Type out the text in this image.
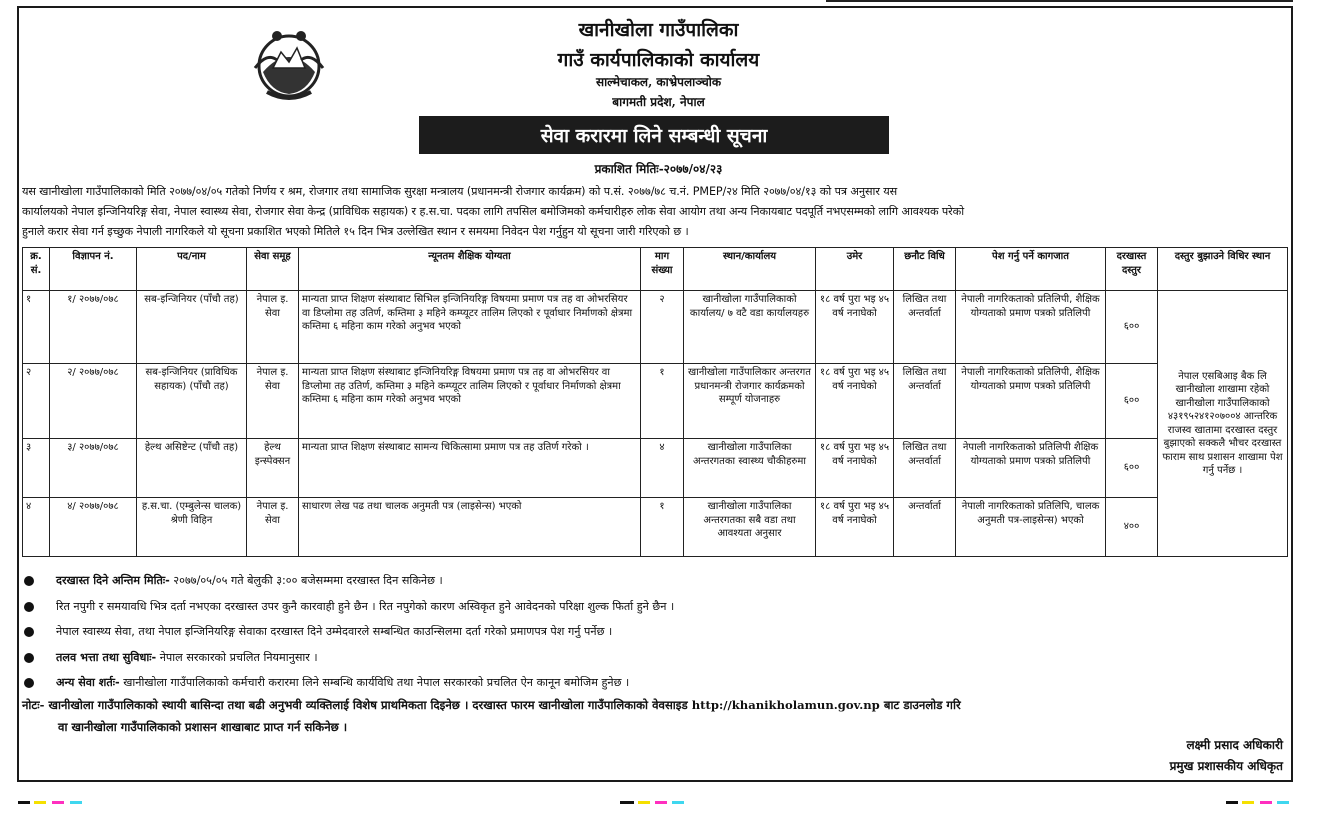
खानीखोला गाउँपालिका
गाउँ कार्यपालिकाको कार्यालय
साल्मेचाकल, काभ्रेपलाञ्चोक
बागमती प्रदेश, नेपाल
सेवा करारमा लिने सम्बन्धी सूचना
प्रकाशित मितिः-२०७७/०४/२३
यस खानीखोला गाउँपालिकाको मिति २०७७/०४/०५ गतेको निर्णय र श्रम, रोजगार तथा सामाजिक सुरक्षा मन्त्रालय (प्रधानमन्त्री रोजगार कार्यक्रम) को प.सं. २०७७/७८ च.नं. PMEP/२४ मिति २०७७/०४/१३ को पत्र अनुसार यस
कार्यालयको नेपाल इन्जिनियरिङ्ग सेवा, नेपाल स्वास्थ्य सेवा, रोजगार सेवा केन्द्र (प्राविधिक सहायक) र ह.स.चा. पदका लागि तपसिल बमोजिमको कर्मचारीहरु लोक सेवा आयोग तथा अन्य निकायबाट पदपूर्ति नभएसम्मको लागि आवश्यक परेको
हुनाले करार सेवा गर्न इच्छुक नेपाली नागरिकले यो सूचना प्रकाशित भएको मितिले १५ दिन भित्र उल्लेखित स्थान र समयमा निवेदन पेश गर्नुहुन यो सूचना जारी गरिएको छ ।
क्र. सं.	विज्ञापन नं.	पद/नाम	सेवा समूह	न्यूनतम शैक्षिक योग्यता	माग संख्या	स्थान/कार्यालय	उमेर	छनौट विधि	पेश गर्नु पर्ने कागजात	दरखास्त दस्तुर	दस्तुर बुझाउने विधिर स्थान
१	१/ २०७७/०७८	सब-इन्जिनियर (पाँचौ तह)	नेपाल इ. सेवा	मान्यता प्राप्त शिक्षण संस्थाबाट सिभिल इन्जिनियरिङ्ग विषयमा प्रमाण पत्र तह वा ओभरसियर वा डिप्लोमा तह उतिर्ण, कम्तिमा ३ महिने कम्प्यूटर तालिम लिएको र पूर्वाधार निर्माणको क्षेत्रमा कम्तिमा ६ महिना काम गरेको अनुभव भएको	२	खानीखोला गाउँपालिकाको कार्यालय/ ७ वटै वडा कार्यालयहरु	१८ वर्ष पुरा भइ ४५ वर्ष ननाघेको	लिखित तथा अन्तर्वार्ता	नेपाली नागरिकताको प्रतिलिपी, शैक्षिक योग्यताको प्रमाण पत्रको प्रतिलिपी	६००	नेपाल एसबिआइ बैक लि खानीखोला शाखामा रहेको खानीखोला गाउँपालिकाको ४३१९५२४१२०७००४ आन्तरिक राजस्व खातामा दरखास्त दस्तुर बुझाएको सक्कलै भौचर दरखास्त फाराम साथ प्रशासन शाखामा पेश गर्नु पर्नेछ ।
२	२/ २०७७/०७८	सब-इन्जिनियर (प्राविधिक सहायक) (पाँचौ तह)	नेपाल इ. सेवा	मान्यता प्राप्त शिक्षण संस्थाबाट इन्जिनियरिङ्ग विषयमा प्रमाण पत्र तह वा ओभरसियर वा डिप्लोमा तह उतिर्ण, कम्तिमा ३ महिने कम्प्यूटर तालिम लिएको र पूर्वाधार निर्माणको क्षेत्रमा कम्तिमा ६ महिना काम गरेको अनुभव भएको	१	खानीखोला गाउँपालिकार अन्तरगत प्रधानमन्त्री रोजगार कार्यक्रमको सम्पूर्ण योजनाहरु	१८ वर्ष पुरा भइ ४५ वर्ष ननाघेको	लिखित तथा अन्तर्वार्ता	नेपाली नागरिकताको प्रतिलिपी, शैक्षिक योग्यताको प्रमाण पत्रको प्रतिलिपी	६००	
३	३/ २०७७/०७८	हेल्थ असिष्टेन्ट (पाँचौ तह)	हेल्थ इन्स्पेक्सन	मान्यता प्राप्त शिक्षण संस्थाबाट सामन्य चिकित्सामा प्रमाण पत्र तह उतिर्ण गरेको ।	४	खानीखोला गाउँपालिका अन्तरगतका स्वास्थ्य चौकीहरुमा	१८ वर्ष पुरा भइ ४५ वर्ष ननाघेको	लिखित तथा अन्तर्वार्ता	नेपाली नागरिकताको प्रतिलिपी शैक्षिक योग्यताको प्रमाण पत्रको प्रतिलिपी	६००	
४	४/ २०७७/०७८	ह.स.चा. (एम्बुलेन्स चालक) श्रेणी विहिन	नेपाल इ. सेवा	साधारण लेख पढ तथा चालक अनुमती पत्र (लाइसेन्स) भएको	१	खानीखोला गाउँपालिका अन्तरगतका सबै वडा तथा आवश्यता अनुसार	१८ वर्ष पुरा भइ ४५ वर्ष ननाघेको	अन्तर्वार्ता	नेपाली नागरिकताको प्रतिलिपि, चालक अनुमती पत्र-लाइसेन्स) भएको	४००	
दरखास्त दिने अन्तिम मितिः- २०७७/०५/०५ गते बेलुकी ३:०० बजेसम्ममा दरखास्त दिन सकिनेछ ।
रित नपुगी र समयावधि भित्र दर्ता नभएका दरखास्त उपर कुनै कारवाही हुने छैन । रित नपुगेको कारण अस्विकृत हुने आवेदनको परिक्षा शुल्क फिर्ता हुने छैन ।
नेपाल स्वास्थ्य सेवा, तथा नेपाल इन्जिनियरिङ्ग सेवाका दरखास्त दिने उम्मेदवारले सम्बन्धित काउन्सिलमा दर्ता गरेको प्रमाणपत्र पेश गर्नु पर्नेछ ।
तलव भत्ता तथा सुविधाः- नेपाल सरकारको प्रचलित नियमानुसार ।
अन्य सेवा शर्तः- खानीखोला गाउँपालिकाको कर्मचारी करारमा लिने सम्बन्धि कार्यविधि तथा नेपाल सरकारको प्रचलित ऐन कानून बमोजिम हुनेछ ।
नोटः- खानीखोला गाउँपालिकाको स्थायी बासिन्दा तथा बढी अनुभवी व्यक्तिलाई विशेष प्राथमिकता दिइनेछ । दरखास्त फारम खानीखोला गाउँपालिकाको वेवसाइड http://khanikholamun.gov.np बाट डाउनलोड गरि
वा खानीखोला गाउँपालिकाको प्रशासन शाखाबाट प्राप्त गर्न सकिनेछ ।
लक्ष्मी प्रसाद अधिकारी
प्रमुख प्रशासकीय अधिकृत
